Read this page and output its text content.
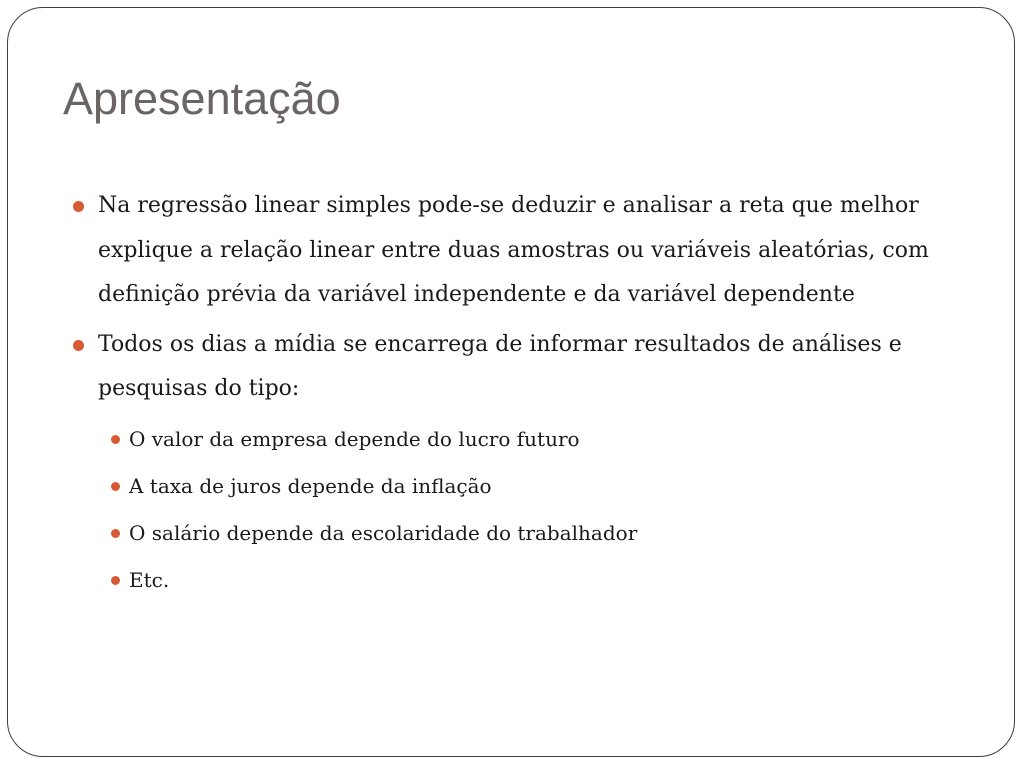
Apresentação
Na regressão linear simples pode-se deduzir e analisar a reta que melhor explique a relação linear entre duas amostras ou variáveis aleatórias, com definição prévia da variável independente e da variável dependente
Todos os dias a mídia se encarrega de informar resultados de análises e pesquisas do tipo:
O valor da empresa depende do lucro futuro
A taxa de juros depende da inflação
O salário depende da escolaridade do trabalhador
Etc.
